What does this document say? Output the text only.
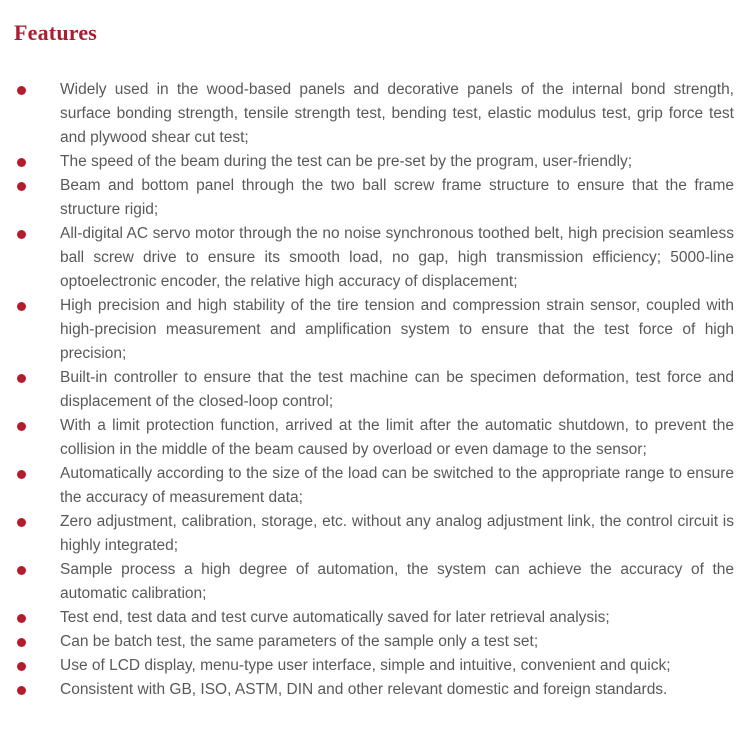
Features
Widely used in the wood-based panels and decorative panels of the internal bond strength, surface bonding strength, tensile strength test, bending test, elastic modulus test, grip force test and plywood shear cut test;
The speed of the beam during the test can be pre-set by the program, user-friendly;
Beam and bottom panel through the two ball screw frame structure to ensure that the frame structure rigid;
All-digital AC servo motor through the no noise synchronous toothed belt, high precision seamless ball screw drive to ensure its smooth load, no gap, high transmission efficiency; 5000-line optoelectronic encoder, the relative high accuracy of displacement;
High precision and high stability of the tire tension and compression strain sensor, coupled with high-precision measurement and amplification system to ensure that the test force of high precision;
Built-in controller to ensure that the test machine can be specimen deformation, test force and displacement of the closed-loop control;
With a limit protection function, arrived at the limit after the automatic shutdown, to prevent the collision in the middle of the beam caused by overload or even damage to the sensor;
Automatically according to the size of the load can be switched to the appropriate range to ensure the accuracy of measurement data;
Zero adjustment, calibration, storage, etc. without any analog adjustment link, the control circuit is highly integrated;
Sample process a high degree of automation, the system can achieve the accuracy of the automatic calibration;
Test end, test data and test curve automatically saved for later retrieval analysis;
Can be batch test, the same parameters of the sample only a test set;
Use of LCD display, menu-type user interface, simple and intuitive, convenient and quick;
Consistent with GB, ISO, ASTM, DIN and other relevant domestic and foreign standards.
